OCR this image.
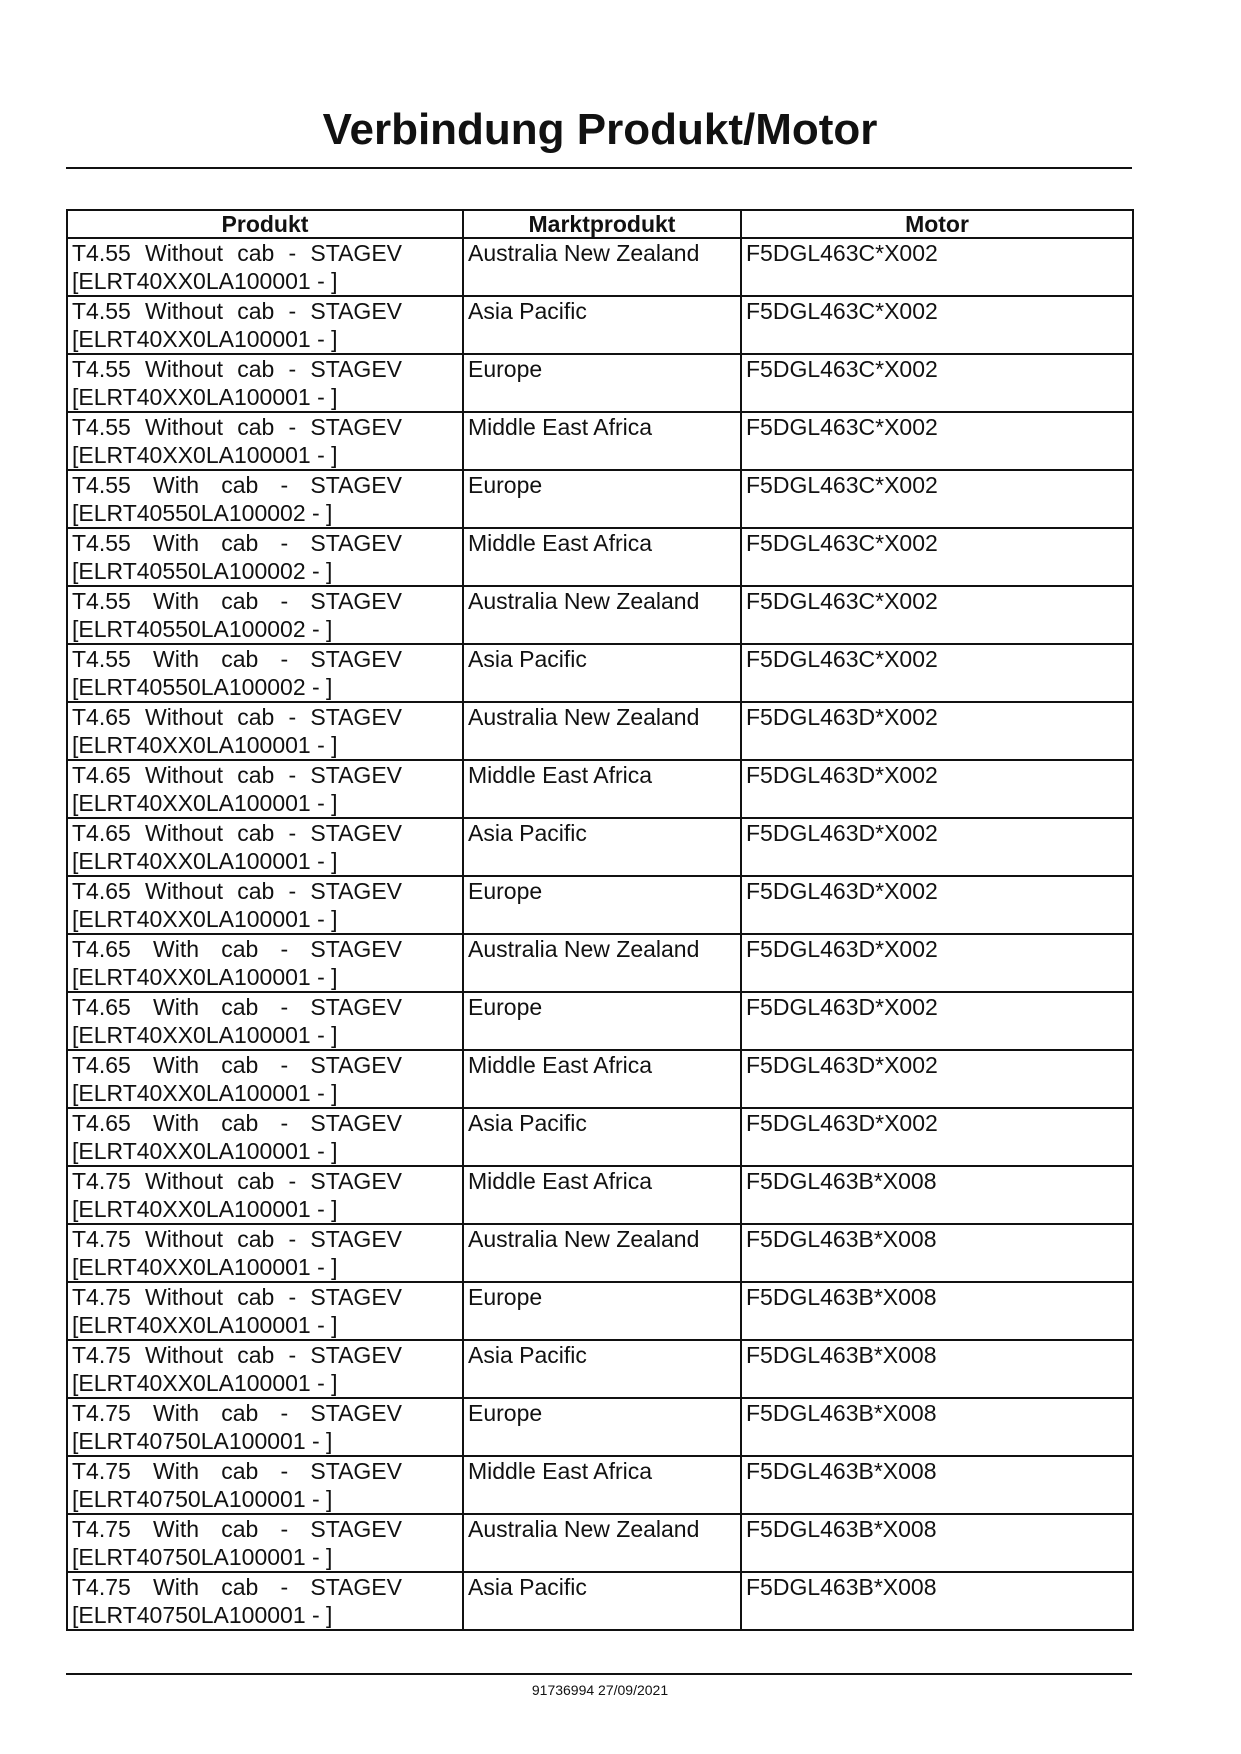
Verbindung Produkt/Motor
Produkt	Marktprodukt	Motor

T4.55 Without cab - STAGEV
[ELRT40XX0LA100001 - ]	Australia New Zealand	F5DGL463C*X002

T4.55 Without cab - STAGEV
[ELRT40XX0LA100001 - ]	Asia Pacific	F5DGL463C*X002

T4.55 Without cab - STAGEV
[ELRT40XX0LA100001 - ]	Europe	F5DGL463C*X002

T4.55 Without cab - STAGEV
[ELRT40XX0LA100001 - ]	Middle East Africa	F5DGL463C*X002

T4.55 With cab - STAGEV
[ELRT40550LA100002 - ]	Europe	F5DGL463C*X002

T4.55 With cab - STAGEV
[ELRT40550LA100002 - ]	Middle East Africa	F5DGL463C*X002

T4.55 With cab - STAGEV
[ELRT40550LA100002 - ]	Australia New Zealand	F5DGL463C*X002

T4.55 With cab - STAGEV
[ELRT40550LA100002 - ]	Asia Pacific	F5DGL463C*X002

T4.65 Without cab - STAGEV
[ELRT40XX0LA100001 - ]	Australia New Zealand	F5DGL463D*X002

T4.65 Without cab - STAGEV
[ELRT40XX0LA100001 - ]	Middle East Africa	F5DGL463D*X002

T4.65 Without cab - STAGEV
[ELRT40XX0LA100001 - ]	Asia Pacific	F5DGL463D*X002

T4.65 Without cab - STAGEV
[ELRT40XX0LA100001 - ]	Europe	F5DGL463D*X002

T4.65 With cab - STAGEV
[ELRT40XX0LA100001 - ]	Australia New Zealand	F5DGL463D*X002

T4.65 With cab - STAGEV
[ELRT40XX0LA100001 - ]	Europe	F5DGL463D*X002

T4.65 With cab - STAGEV
[ELRT40XX0LA100001 - ]	Middle East Africa	F5DGL463D*X002

T4.65 With cab - STAGEV
[ELRT40XX0LA100001 - ]	Asia Pacific	F5DGL463D*X002

T4.75 Without cab - STAGEV
[ELRT40XX0LA100001 - ]	Middle East Africa	F5DGL463B*X008

T4.75 Without cab - STAGEV
[ELRT40XX0LA100001 - ]	Australia New Zealand	F5DGL463B*X008

T4.75 Without cab - STAGEV
[ELRT40XX0LA100001 - ]	Europe	F5DGL463B*X008

T4.75 Without cab - STAGEV
[ELRT40XX0LA100001 - ]	Asia Pacific	F5DGL463B*X008

T4.75 With cab - STAGEV
[ELRT40750LA100001 - ]	Europe	F5DGL463B*X008

T4.75 With cab - STAGEV
[ELRT40750LA100001 - ]	Middle East Africa	F5DGL463B*X008

T4.75 With cab - STAGEV
[ELRT40750LA100001 - ]	Australia New Zealand	F5DGL463B*X008

T4.75 With cab - STAGEV
[ELRT40750LA100001 - ]	Asia Pacific	F5DGL463B*X008
91736994 27/09/2021
